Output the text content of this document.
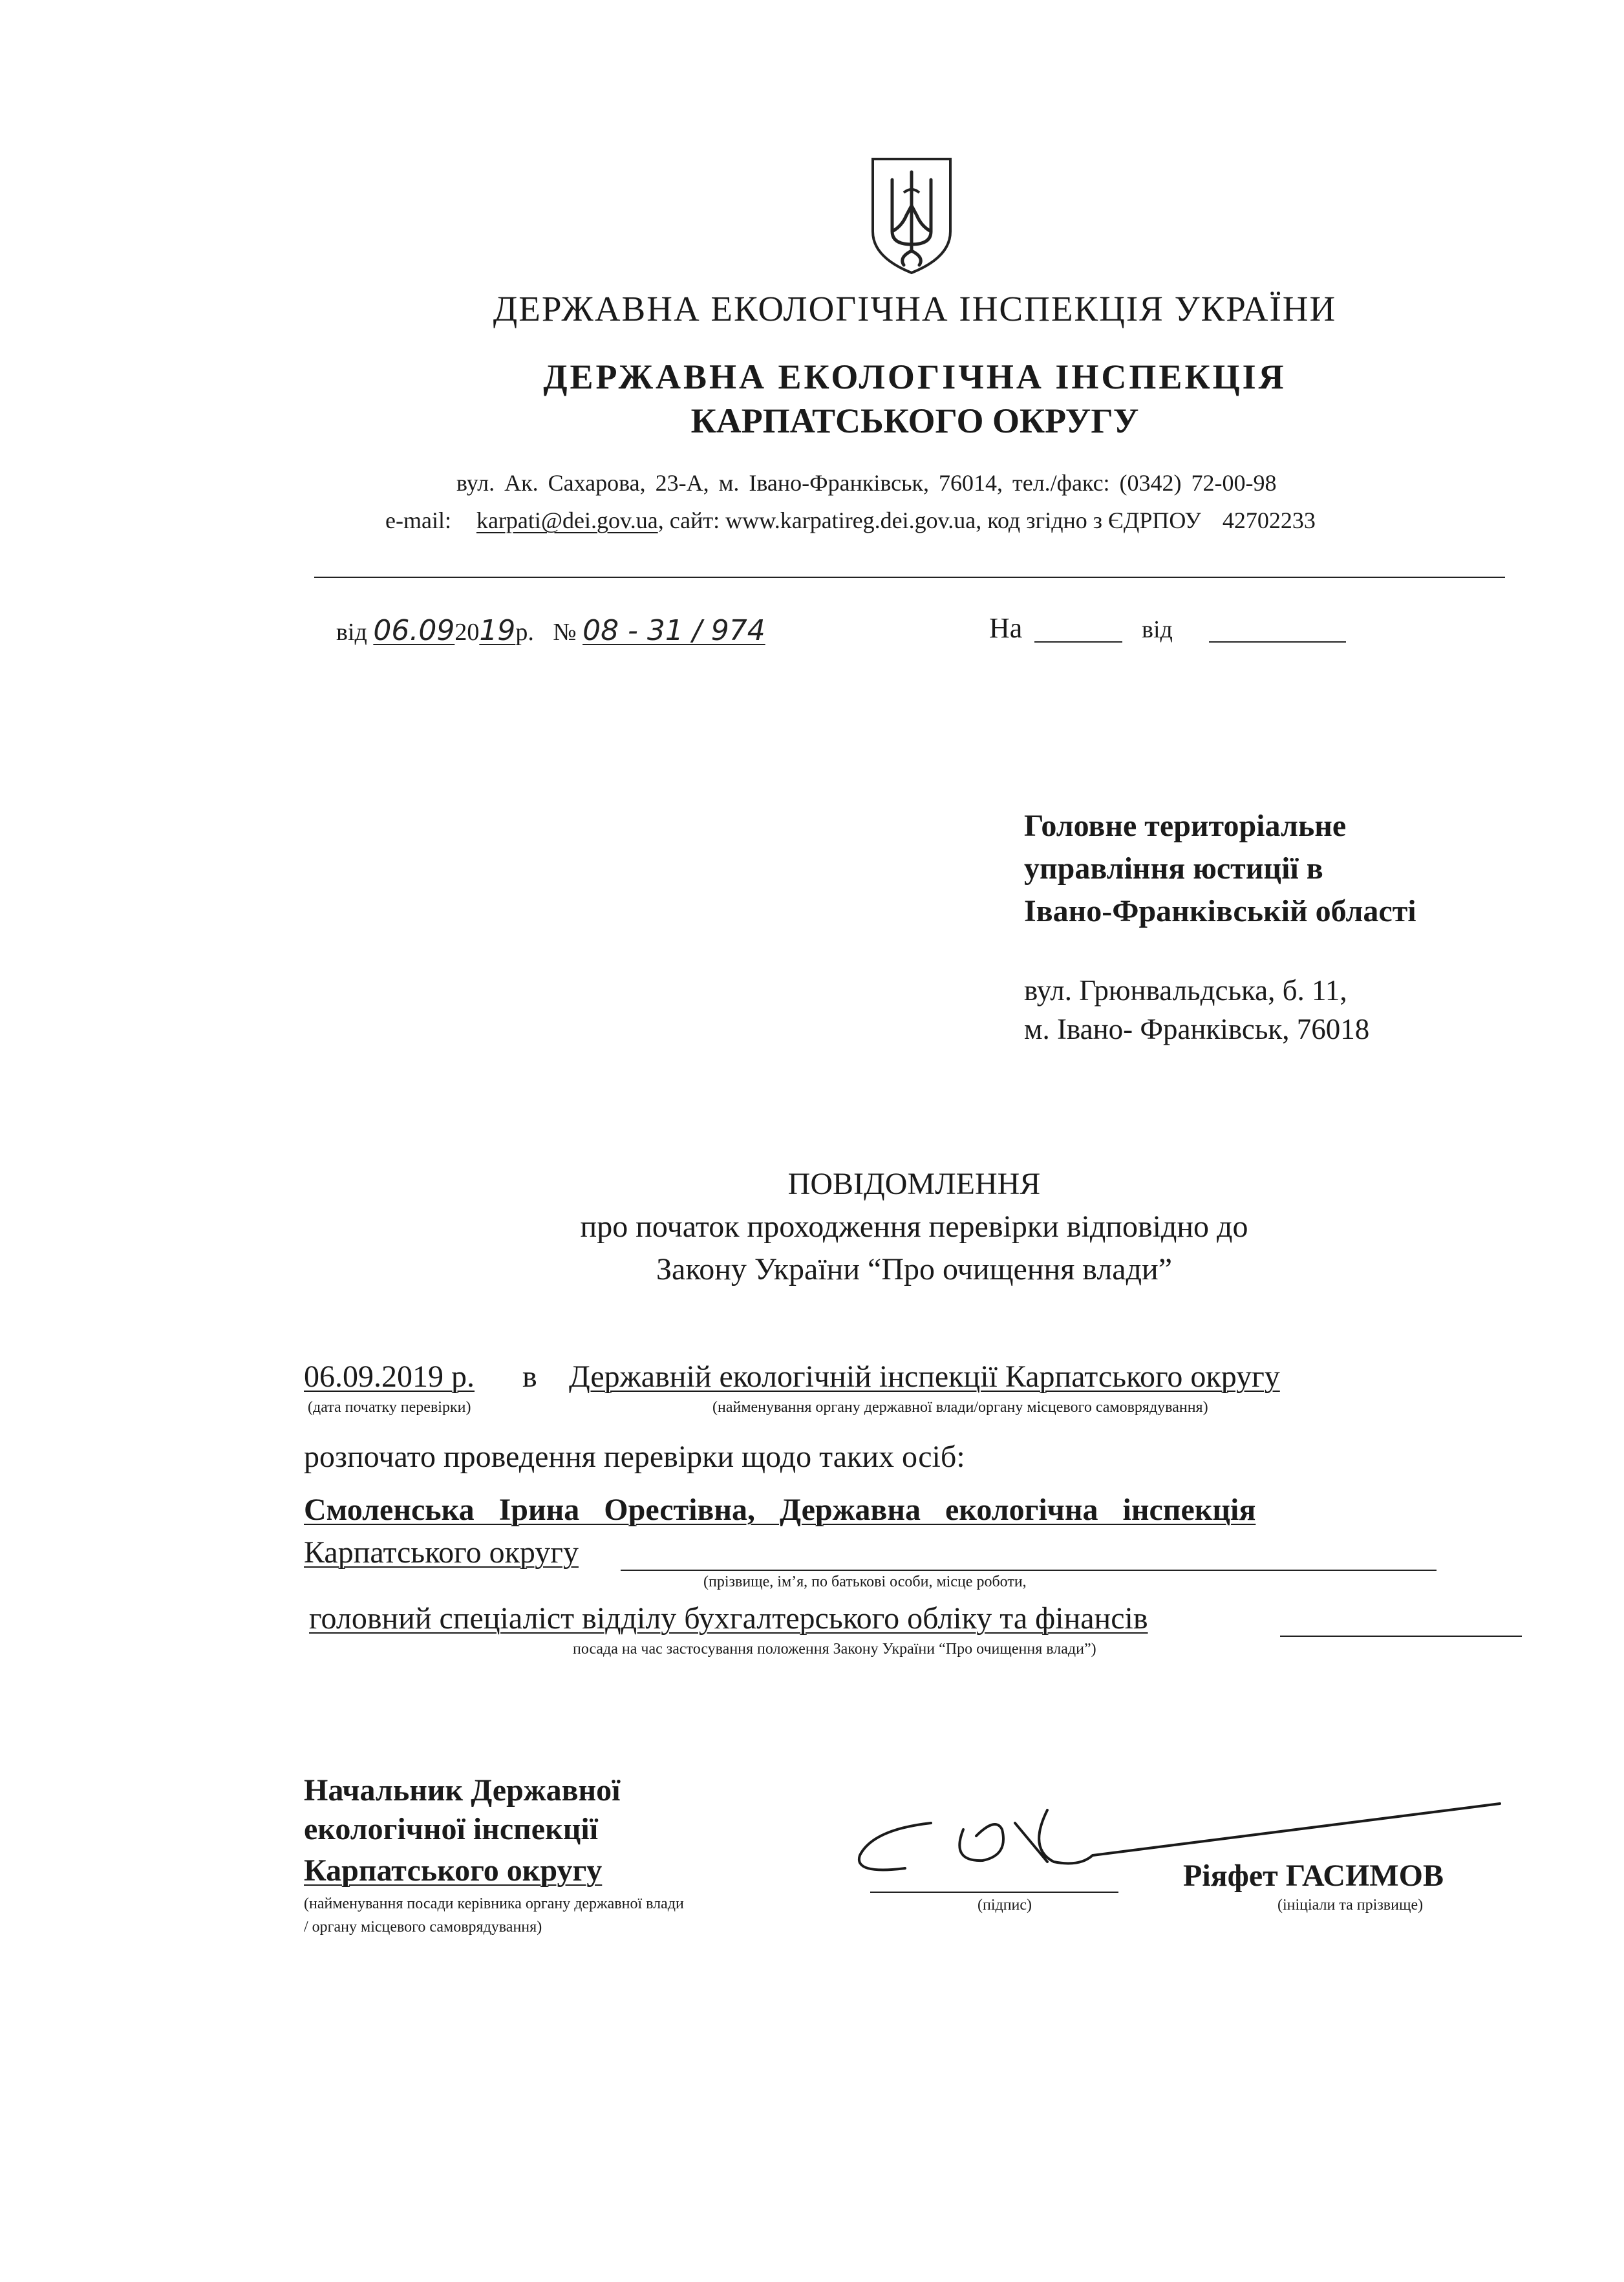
ДЕРЖАВНА ЕКОЛОГІЧНА ІНСПЕКЦІЯ УКРАЇНИ
ДЕРЖАВНА ЕКОЛОГІЧНА ІНСПЕКЦІЯ
КАРПАТСЬКОГО ОКРУГУ
вул. Ак. Сахарова, 23-А, м. Івано-Франківськ, 76014, тел./факс: (0342) 72-00-98
e-mail: karpati@dei.gov.ua, сайт: www.karpatireg.dei.gov.ua, код згідно з ЄДРПОУ 42702233
від 06.092019р. № 08 - 31 / 974	На	від
Головне територіальне
управління юстиції в
Івано-Франківській області
вул. Грюнвальдська, б. 11,
м. Івано- Франківськ, 76018
ПОВІДОМЛЕННЯ
про початок проходження перевірки відповідно до
Закону України “Про очищення влади”
06.09.2019 р. в Державній екологічній інспекції Карпатського округу
(дата початку перевірки)	(найменування органу державної влади/органу місцевого самоврядування)
розпочато проведення перевірки щодо таких осіб:
Смоленська Ірина Орестівна, Державна екологічна інспекція
Карпатського округу
(прізвище, ім’я, по батькові особи, місце роботи,
головний спеціаліст відділу бухгалтерського обліку та фінансів
посада на час застосування положення Закону України “Про очищення влади”)
Начальник Державної
екологічної інспекції
Карпатського округу
(найменування посади керівника органу державної влади
/ органу місцевого самоврядування)
(підпис)
Ріяфет ГАСИМОВ
(ініціали та прізвище)
